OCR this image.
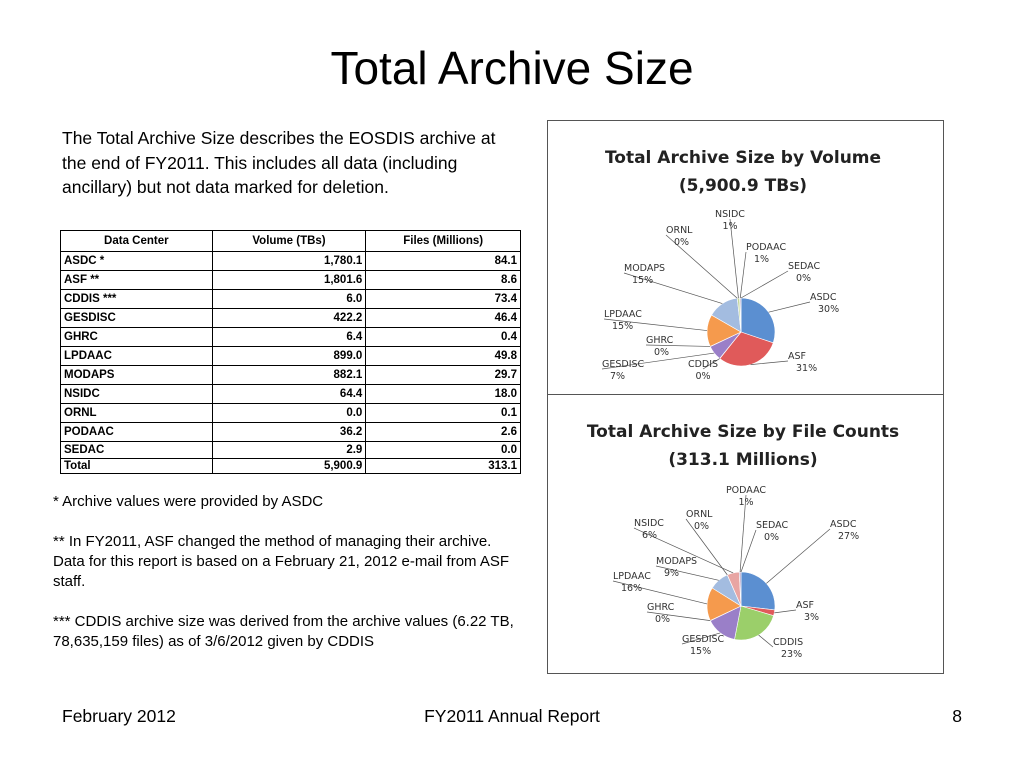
Total Archive Size
The Total Archive Size describes the EOSDIS archive at the end of FY2011. This includes all data (including ancillary) but not data marked for deletion.
Data Center	Volume (TBs)	Files (Millions)
ASDC *	1,780.1	84.1
ASF **	1,801.6	8.6
CDDIS ***	6.0	73.4
GESDISC	422.2	46.4
GHRC	6.4	0.4
LPDAAC	899.0	49.8
MODAPS	882.1	29.7
NSIDC	64.4	18.0
ORNL	0.0	0.1
PODAAC	36.2	2.6
SEDAC	2.9	0.0
Total	5,900.9	313.1

* Archive values were provided by ASDC

** In FY2011, ASF changed the method of managing their archive. Data for this report is based on a February 21, 2012 e-mail from ASF staff.

*** CDDIS archive size was derived from the archive values (6.22 TB, 78,635,159 files) as of 3/6/2012 given by CDDIS

Total Archive Size by Volume
(5,900.9 TBs)
ASDC
30%
ASF
31%
CDDIS
0%
GESDISC
7%
GHRC
0%
LPDAAC
15%
MODAPS
15%
ORNL
0%
NSIDC
1%
PODAAC
1%
SEDAC
0%
Total Archive Size by File Counts
(313.1 Millions)
ASDC
27%
ASF
3%
CDDIS
23%
GESDISC
15%
GHRC
0%
LPDAAC
16%
MODAPS
9%
ORNL
0%
NSIDC
6%
PODAAC
1%
SEDAC
0%
February 2012	FY2011 Annual Report	8
